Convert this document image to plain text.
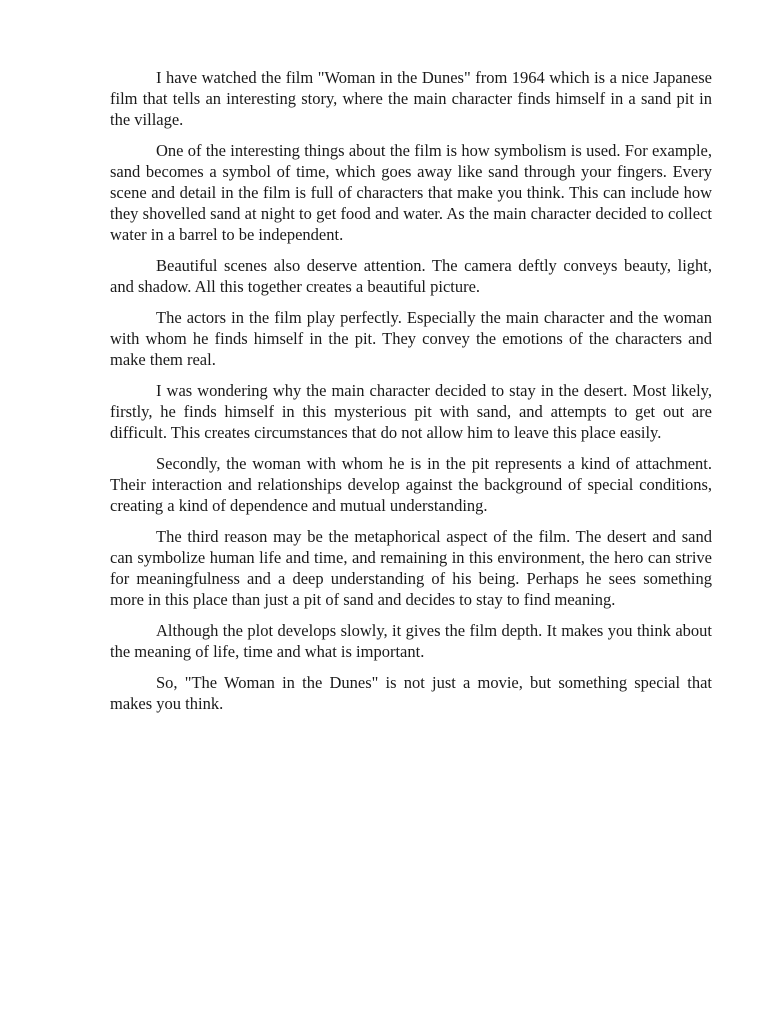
I have watched the film "Woman in the Dunes" from 1964 which is a nice Japanese film that tells an interesting story, where the main character finds himself in a sand pit in the village.

One of the interesting things about the film is how symbolism is used. For example, sand becomes a symbol of time, which goes away like sand through your fingers. Every scene and detail in the film is full of characters that make you think. This can include how they shovelled sand at night to get food and water. As the main character decided to collect water in a barrel to be independent.

Beautiful scenes also deserve attention. The camera deftly conveys beauty, light, and shadow. All this together creates a beautiful picture.

The actors in the film play perfectly. Especially the main character and the woman with whom he finds himself in the pit. They convey the emotions of the characters and make them real.

I was wondering why the main character decided to stay in the desert. Most likely, firstly, he finds himself in this mysterious pit with sand, and attempts to get out are difficult. This creates circumstances that do not allow him to leave this place easily.

Secondly, the woman with whom he is in the pit represents a kind of attachment. Their interaction and relationships develop against the background of special conditions, creating a kind of dependence and mutual understanding.

The third reason may be the metaphorical aspect of the film. The desert and sand can symbolize human life and time, and remaining in this environment, the hero can strive for meaningfulness and a deep understanding of his being. Perhaps he sees something more in this place than just a pit of sand and decides to stay to find meaning.

Although the plot develops slowly, it gives the film depth. It makes you think about the meaning of life, time and what is important.

So, "The Woman in the Dunes" is not just a movie, but something special that makes you think.
